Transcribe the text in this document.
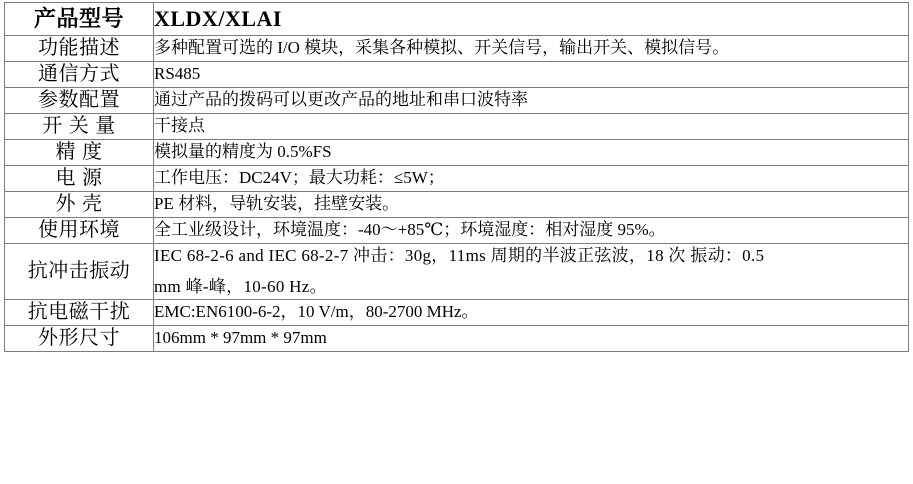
产品型号	XLDX/XLAI
功能描述	多种配置可选的 I/O 模块，采集各种模拟、开关信号，输出开关、模拟信号。
通信方式	RS485
参数配置	通过产品的拨码可以更改产品的地址和串口波特率
开 关 量	干接点
精 度	模拟量的精度为 0.5%FS
电 源	工作电压：DC24V；最大功耗：≤5W；
外 壳	PE 材料，导轨安装，挂壁安装。
使用环境	全工业级设计，环境温度：-40～+85℃；环境湿度：相对湿度 95%。
抗冲击振动	IEC 68-2-6 and IEC 68-2-7 冲击：30g，11ms 周期的半波正弦波，18 次 振动：0.5
mm 峰-峰，10-60 Hz。

抗电磁干扰	EMC:EN6100-6-2，10 V/m，80-2700 MHz。
外形尺寸	106mm * 97mm * 97mm
